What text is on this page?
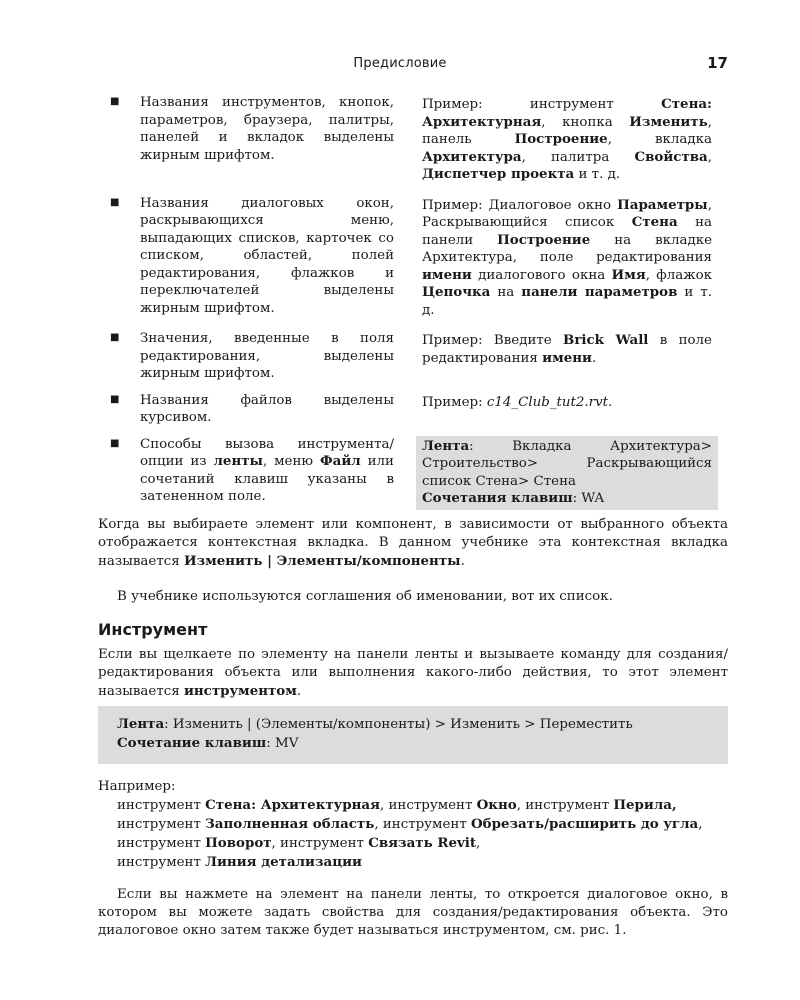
Предисловие	17
■	Названия инструментов, кнопок, параметров, браузера, палитры, панелей и вкладок выделены жирным шрифтом.
Пример: инструмент Стена: Архитектурная, кнопка Изменить, панель Построение, вкладка Архитектура, палитра Свойства, Диспетчер проекта и т. д.
■	Названия диалоговых окон, раскрывающихся меню, выпадающих списков, карточек со списком, областей, полей редактирования, флажков и переключателей выделены жирным шрифтом.
Пример: Диалоговое окно Параметры, Раскрывающийся список Стена на панели Построение на вкладке Архитектура, поле редактирования имени диалогового окна Имя, флажок Цепочка на панели параметров и т. д.
■	Значения, введенные в поля редактирования, выделены жирным шрифтом.
Пример: Введите Brick Wall в поле редактирования имени.
■	Названия файлов выделены курсивом.
Пример: c14_Club_tut2.rvt.
■	Способы вызова инструмента/опции из ленты, меню Файл или сочетаний клавиш указаны в затененном поле.
Лента: Вкладка Архитектура> Строительство> Раскрывающийся список Стена> Стена
Сочетания клавиш: WA
Когда вы выбираете элемент или компонент, в зависимости от выбранного объекта отображается контекстная вкладка. В данном учебнике эта контекстная вкладка называется Изменить | Элементы/компоненты.
В учебнике используются соглашения об именовании, вот их список.
Инструмент
Если вы щелкаете по элементу на панели ленты и вызываете команду для создания/редактирования объекта или выполнения какого-либо действия, то этот элемент называется инструментом.
Лента: Изменить | (Элементы/компоненты) > Изменить > Переместить
Сочетание клавиш: MV
Например:
инструмент Стена: Архитектурная, инструмент Окно, инструмент Перила,
инструмент Заполненная область, инструмент Обрезать/расширить до угла,
инструмент Поворот, инструмент Связать Revit,
инструмент Линия детализации
Если вы нажмете на элемент на панели ленты, то откроется диалоговое окно, в котором вы можете задать свойства для создания/редактирования объекта. Это диалоговое окно затем также будет называться инструментом, см. рис. 1.
